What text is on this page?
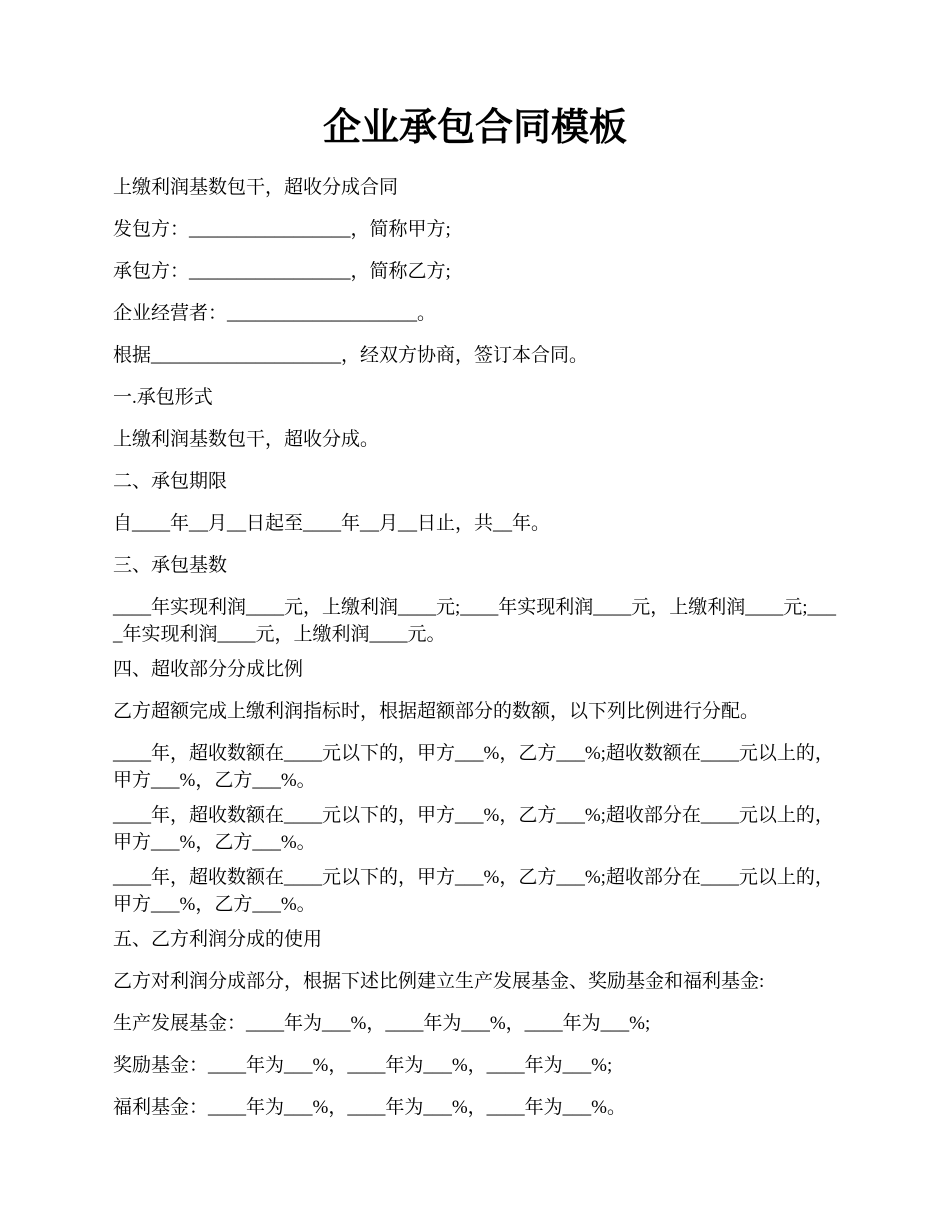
企业承包合同模板

上缴利润基数包干，超收分成合同

发包方：_________________，简称甲方;

承包方：_________________，简称乙方;

企业经营者：____________________。

根据____________________，经双方协商，签订本合同。

一.承包形式

上缴利润基数包干，超收分成。

二、承包期限

自____年__月__日起至____年__月__日止，共__年。

三、承包基数

____年实现利润____元，上缴利润____元;____年实现利润____元，上缴利润____元;____年实现利润____元，上缴利润____元。

四、超收部分分成比例

乙方超额完成上缴利润指标时，根据超额部分的数额，以下列比例进行分配。

____年，超收数额在____元以下的，甲方___%，乙方___%;超收数额在____元以上的，甲方___%，乙方___%。

____年，超收数额在____元以下的，甲方___%，乙方___%;超收部分在____元以上的，甲方___%，乙方___%。

____年，超收数额在____元以下的，甲方___%，乙方___%;超收部分在____元以上的，甲方___%，乙方___%。

五、乙方利润分成的使用

乙方对利润分成部分，根据下述比例建立生产发展基金、奖励基金和福利基金:

生产发展基金：____年为___%，____年为___%，____年为___%;

奖励基金：____年为___%，____年为___%，____年为___%;

福利基金：____年为___%，____年为___%，____年为___%。
